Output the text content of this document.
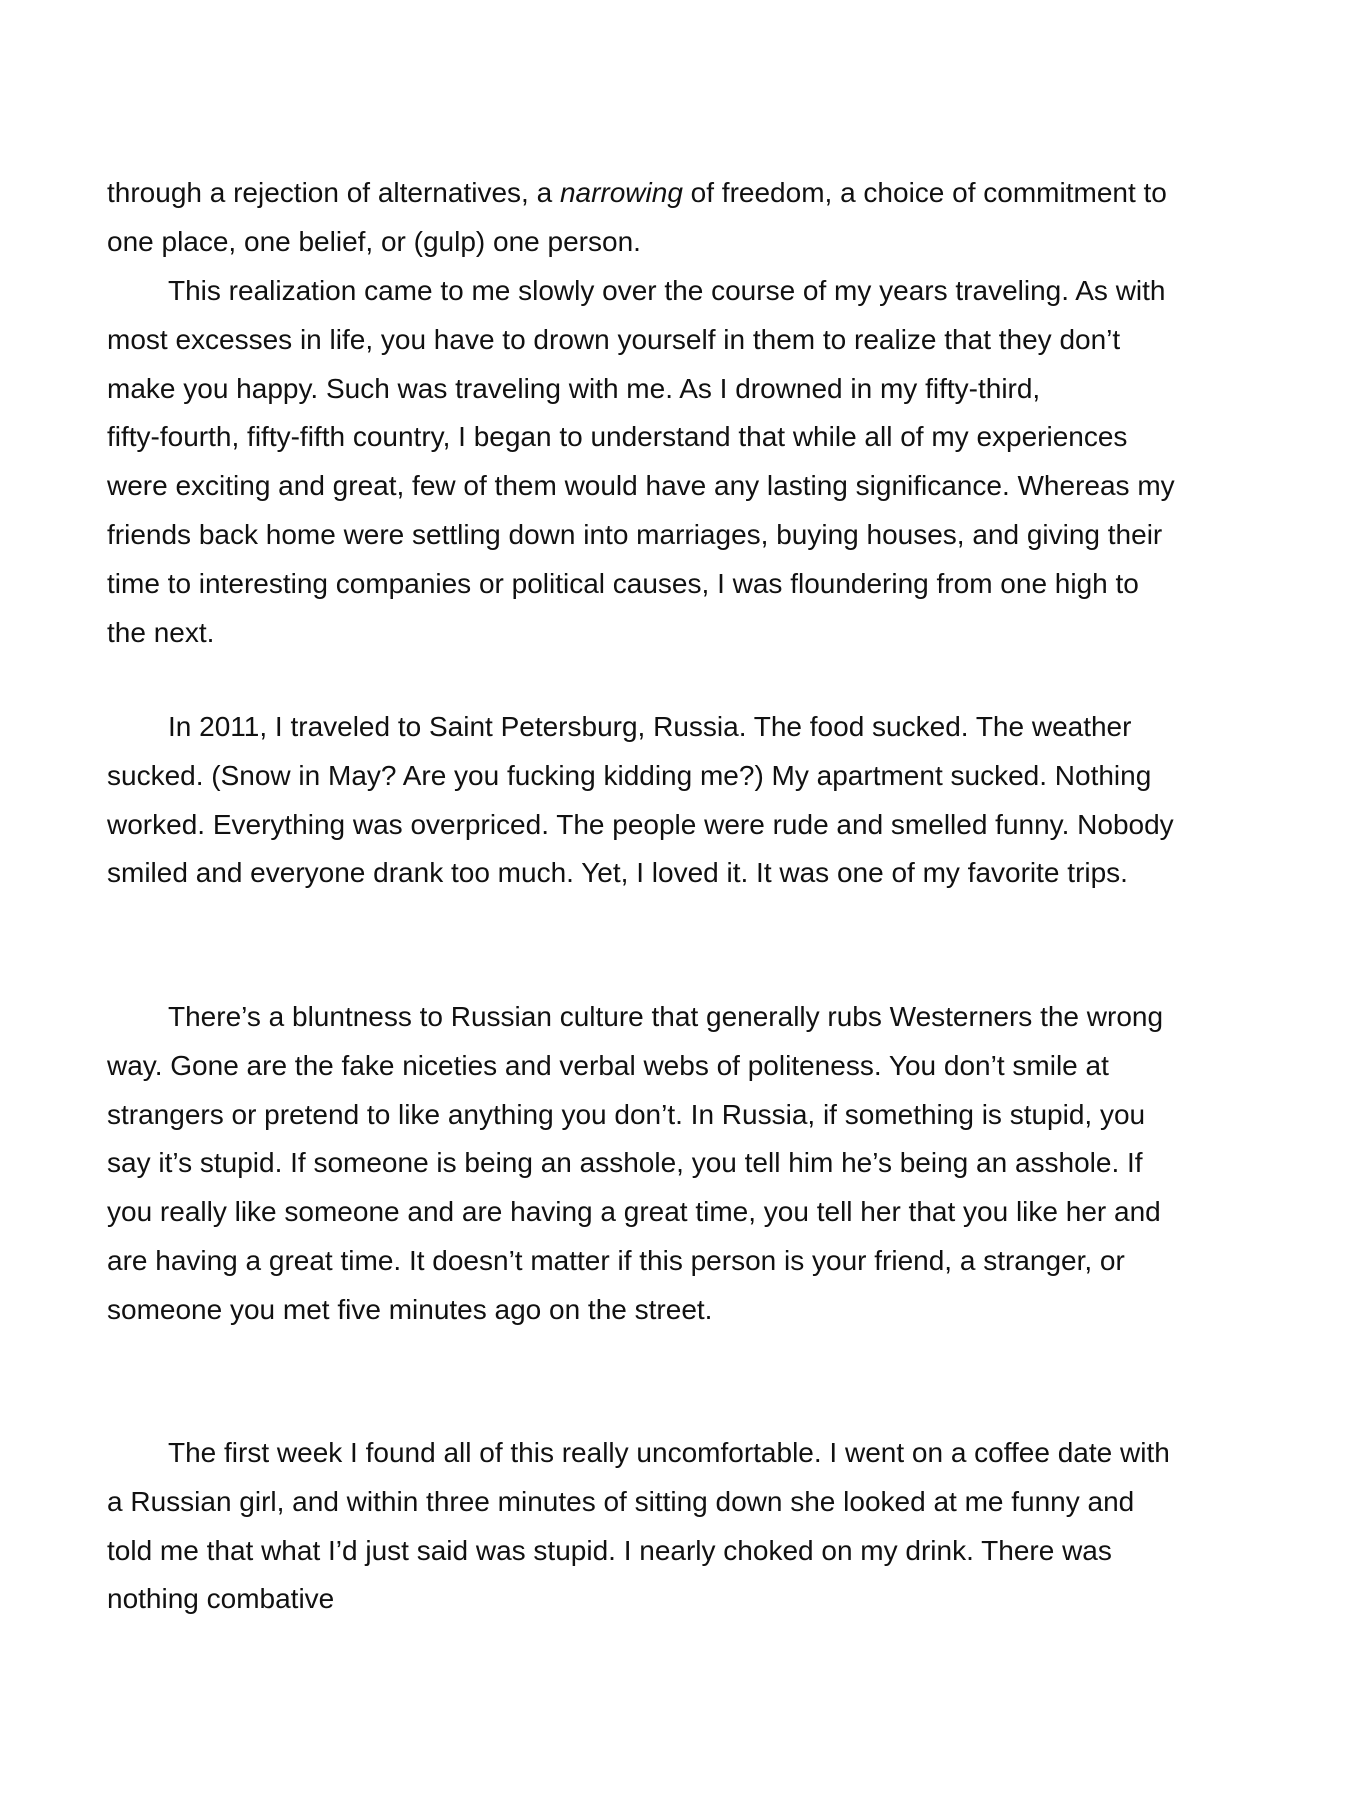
through a rejection of alternatives, a narrowing of freedom, a choice of commitment to
one place, one belief, or (gulp) one person.

This realization came to me slowly over the course of my years traveling. As with
most excesses in life, you have to drown yourself in them to realize that they don’t
make you happy. Such was traveling with me. As I drowned in my fifty-third,
fifty-fourth, fifty-fifth country, I began to understand that while all of my experiences
were exciting and great, few of them would have any lasting significance. Whereas my
friends back home were settling down into marriages, buying houses, and giving their
time to interesting companies or political causes, I was floundering from one high to
the next.

In 2011, I traveled to Saint Petersburg, Russia. The food sucked. The weather
sucked. (Snow in May? Are you fucking kidding me?) My apartment sucked. Nothing
worked. Everything was overpriced. The people were rude and smelled funny. Nobody
smiled and everyone drank too much. Yet, I loved it. It was one of my favorite trips.

There’s a bluntness to Russian culture that generally rubs Westerners the wrong
way. Gone are the fake niceties and verbal webs of politeness. You don’t smile at
strangers or pretend to like anything you don’t. In Russia, if something is stupid, you
say it’s stupid. If someone is being an asshole, you tell him he’s being an asshole. If
you really like someone and are having a great time, you tell her that you like her and
are having a great time. It doesn’t matter if this person is your friend, a stranger, or
someone you met five minutes ago on the street.

The first week I found all of this really uncomfortable. I went on a coffee date with
a Russian girl, and within three minutes of sitting down she looked at me funny and
told me that what I’d just said was stupid. I nearly choked on my drink. There was
nothing combative
